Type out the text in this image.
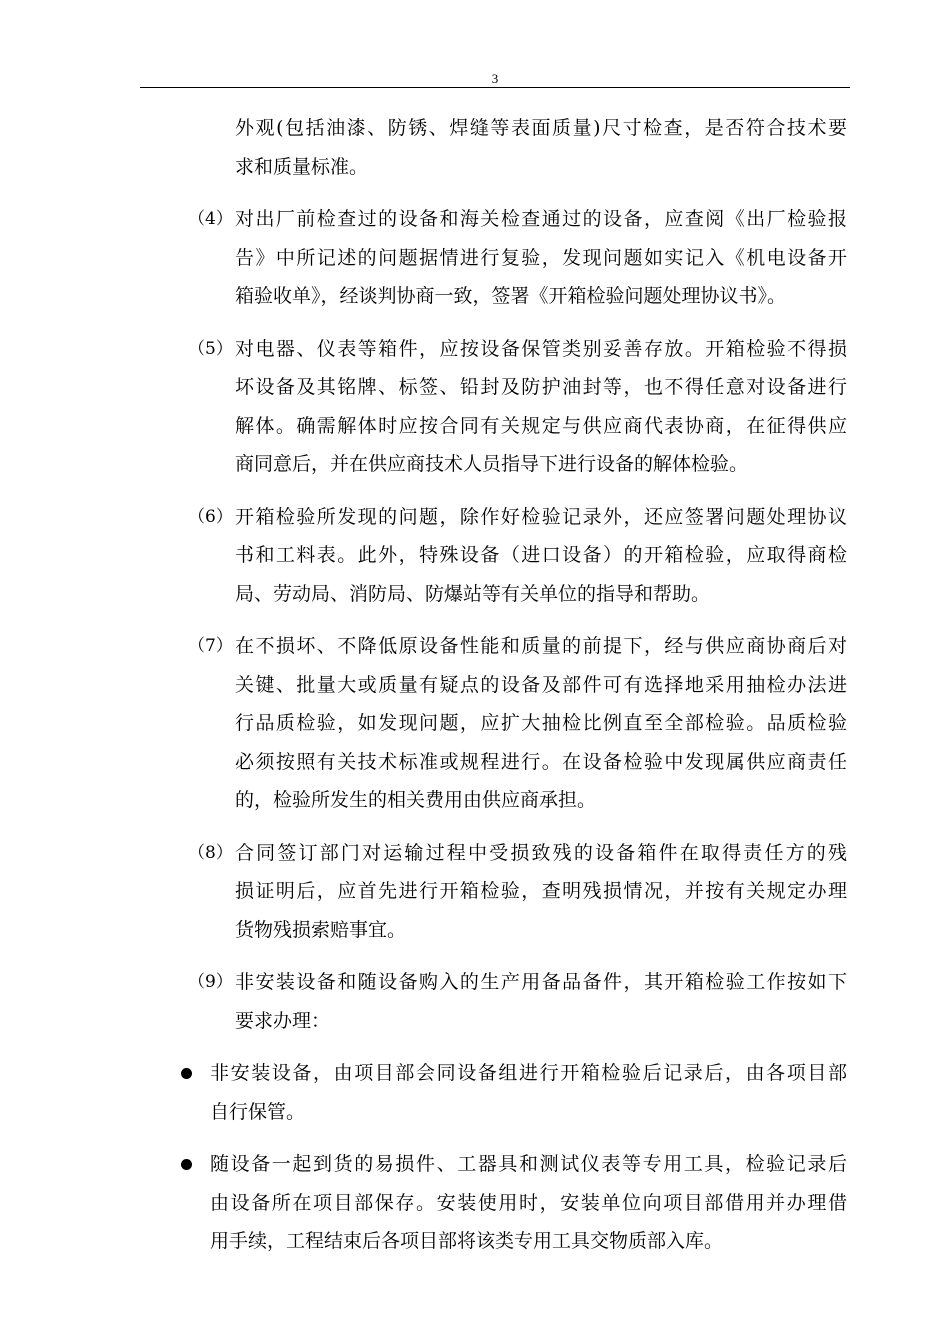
3
外观(包括油漆、防锈、焊缝等表面质量)尺寸检查，是否符合技术要
求和质量标准。
（4） 对出厂前检查过的设备和海关检查通过的设备，应查阅《出厂检验报
告》中所记述的问题据情进行复验，发现问题如实记入《机电设备开
箱验收单》，经谈判协商一致，签署《开箱检验问题处理协议书》。
（5） 对电器、仪表等箱件，应按设备保管类别妥善存放。开箱检验不得损
坏设备及其铭牌、标签、铅封及防护油封等，也不得任意对设备进行
解体。确需解体时应按合同有关规定与供应商代表协商，在征得供应
商同意后，并在供应商技术人员指导下进行设备的解体检验。
（6） 开箱检验所发现的问题，除作好检验记录外，还应签署问题处理协议
书和工料表。此外，特殊设备（进口设备）的开箱检验，应取得商检
局、劳动局、消防局、防爆站等有关单位的指导和帮助。
（7） 在不损坏、不降低原设备性能和质量的前提下，经与供应商协商后对
关键、批量大或质量有疑点的设备及部件可有选择地采用抽检办法进
行品质检验，如发现问题，应扩大抽检比例直至全部检验。品质检验
必须按照有关技术标准或规程进行。在设备检验中发现属供应商责任
的，检验所发生的相关费用由供应商承担。
（8） 合同签订部门对运输过程中受损致残的设备箱件在取得责任方的残
损证明后，应首先进行开箱检验，查明残损情况，并按有关规定办理
货物残损索赔事宜。
（9） 非安装设备和随设备购入的生产用备品备件，其开箱检验工作按如下
要求办理：
非安装设备，由项目部会同设备组进行开箱检验后记录后，由各项目部
自行保管。
随设备一起到货的易损件、工器具和测试仪表等专用工具，检验记录后
由设备所在项目部保存。安装使用时，安装单位向项目部借用并办理借
用手续，工程结束后各项目部将该类专用工具交物质部入库。
